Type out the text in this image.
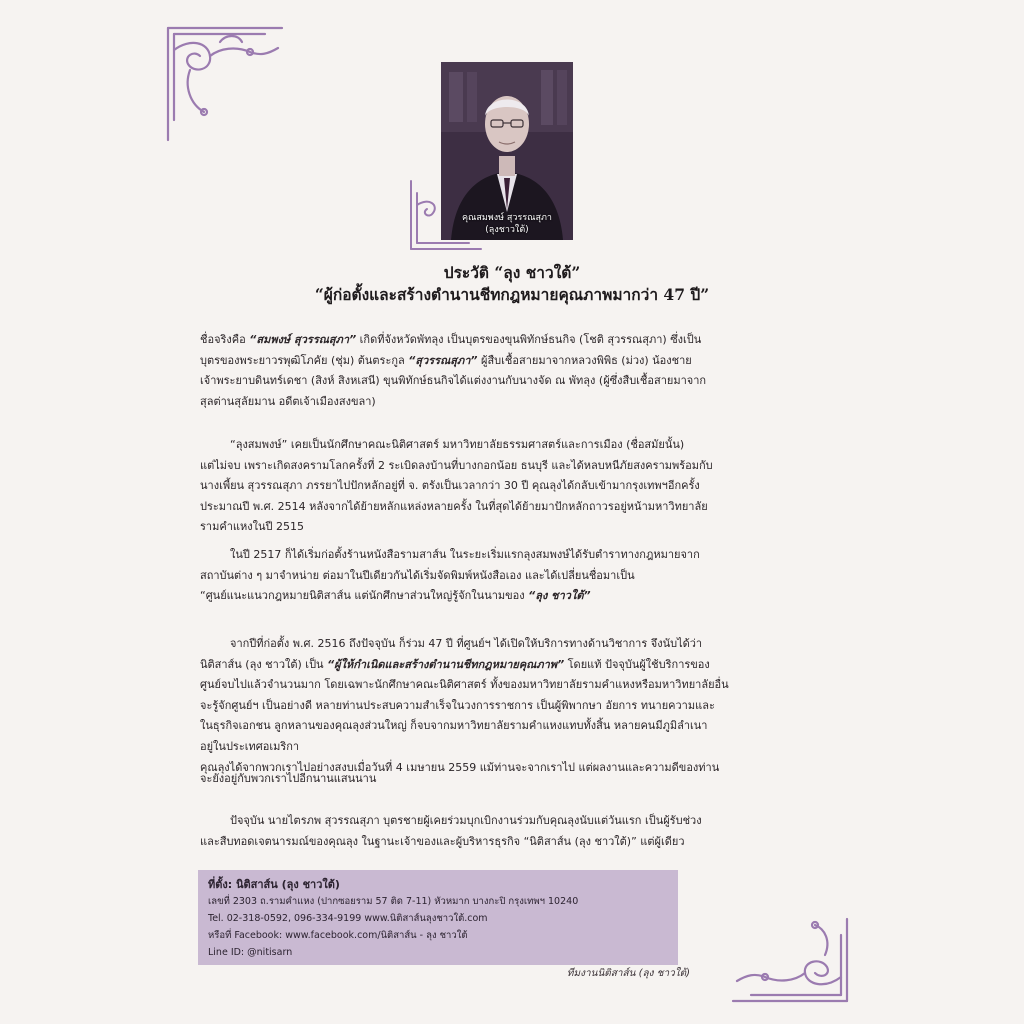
คุณสมพงษ์ สุวรรณสุภา
(ลุงชาวใต้)
ประวัติ “ลุง ชาวใต้”
“ผู้ก่อตั้งและสร้างตำนานชีทกฎหมายคุณภาพมากว่า 47 ปี”
ชื่อจริงคือ “สมพงษ์ สุวรรณสุภา” เกิดที่จังหวัดพัทลุง เป็นบุตรของขุนพิทักษ์ธนกิจ (โชติ สุวรรณสุภา) ซึ่งเป็น
บุตรของพระยาวรพุฒิโภคัย (ชุ่ม) ต้นตระกูล “สุวรรณสุภา” ผู้สืบเชื้อสายมาจากหลวงพิพิธ (ม่วง) น้องชาย
เจ้าพระยาบดินทร์เดชา (สิงห์ สิงหเสนี) ขุนพิทักษ์ธนกิจได้แต่งงานกับนางจัด ณ พัทลุง (ผู้ซึ่งสืบเชื้อสายมาจาก
สุลต่านสุลัยมาน อดีตเจ้าเมืองสงขลา)
“ลุงสมพงษ์” เคยเป็นนักศึกษาคณะนิติศาสตร์ มหาวิทยาลัยธรรมศาสตร์และการเมือง (ชื่อสมัยนั้น)
แต่ไม่จบ เพราะเกิดสงครามโลกครั้งที่ 2 ระเบิดลงบ้านที่บางกอกน้อย ธนบุรี และได้หลบหนีภัยสงครามพร้อมกับ
นางเพี้ยน สุวรรณสุภา ภรรยาไปปักหลักอยู่ที่ จ. ตรังเป็นเวลากว่า 30 ปี คุณลุงได้กลับเข้ามากรุงเทพฯอีกครั้ง
ประมาณปี พ.ศ. 2514 หลังจากได้ย้ายหลักแหล่งหลายครั้ง ในที่สุดได้ย้ายมาปักหลักถาวรอยู่หน้ามหาวิทยาลัย
รามคำแหงในปี 2515
ในปี 2517 ก็ได้เริ่มก่อตั้งร้านหนังสือรามสาส์น ในระยะเริ่มแรกลุงสมพงษ์ได้รับตำราทางกฎหมายจาก
สถาบันต่าง ๆ มาจำหน่าย ต่อมาในปีเดียวกันได้เริ่มจัดพิมพ์หนังสือเอง และได้เปลี่ยนชื่อมาเป็น
“ศูนย์แนะแนวกฎหมายนิติสาส์น แต่นักศึกษาส่วนใหญ่รู้จักในนามของ “ลุง ชาวใต้”
จากปีที่ก่อตั้ง พ.ศ. 2516 ถึงปัจจุบัน ก็ร่วม 47 ปี ที่ศูนย์ฯ ได้เปิดให้บริการทางด้านวิชาการ จึงนับได้ว่า
นิติสาส์น (ลุง ชาวใต้) เป็น “ผู้ให้กำเนิดและสร้างตำนานชีทกฎหมายคุณภาพ” โดยแท้ ปัจจุบันผู้ใช้บริการของ
ศูนย์จบไปแล้วจำนวนมาก โดยเฉพาะนักศึกษาคณะนิติศาสตร์ ทั้งของมหาวิทยาลัยรามคำแหงหรือมหาวิทยาลัยอื่น
จะรู้จักศูนย์ฯ เป็นอย่างดี หลายท่านประสบความสำเร็จในวงการราชการ เป็นผู้พิพากษา อัยการ ทนายความและ
ในธุรกิจเอกชน ลูกหลานของคุณลุงส่วนใหญ่ ก็จบจากมหาวิทยาลัยรามคำแหงแทบทั้งสิ้น หลายคนมีภูมิลำเนา
อยู่ในประเทศอเมริกา
คุณลุงได้จากพวกเราไปอย่างสงบเมื่อวันที่ 4 เมษายน 2559 แม้ท่านจะจากเราไป แต่ผลงานและความดีของท่าน
จะยังอยู่กับพวกเราไปอีกนานแสนนาน
ปัจจุบัน นายไตรภพ สุวรรณสุภา บุตรชายผู้เคยร่วมบุกเบิกงานร่วมกับคุณลุงนับแต่วันแรก เป็นผู้รับช่วง
และสืบทอดเจตนารมณ์ของคุณลุง ในฐานะเจ้าของและผู้บริหารธุรกิจ “นิติสาส์น (ลุง ชาวใต้)” แต่ผู้เดียว
ที่ตั้ง: นิติสาส์น (ลุง ชาวใต้)
เลขที่ 2303 ถ.รามคำแหง (ปากซอยราม 57 ติด 7-11) หัวหมาก บางกะปิ กรุงเทพฯ 10240
Tel. 02-318-0592, 096-334-9199 www.นิติสาส์นลุงชาวใต้.com
หรือที่ Facebook: www.facebook.com/นิติสาส์น - ลุง ชาวใต้
Line ID: @nitisarn
ทีมงานนิติสาส์น (ลุง ชาวใต้)
